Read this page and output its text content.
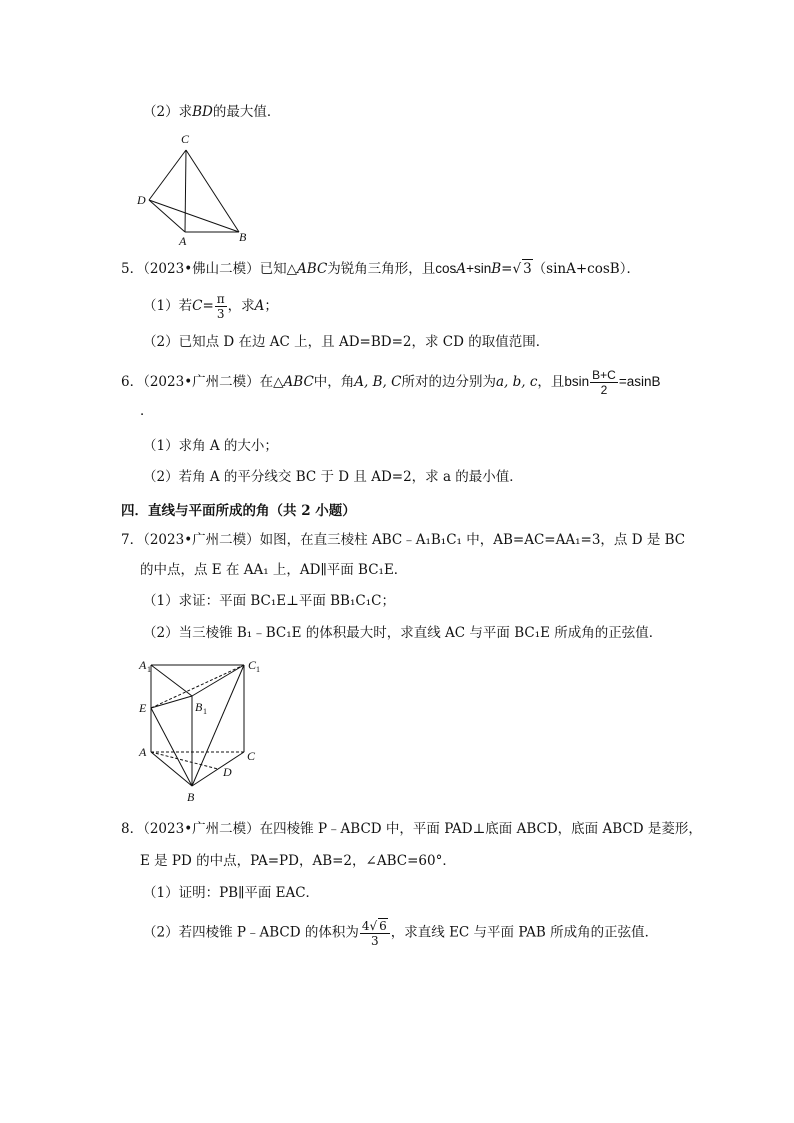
（2）求BD的最大值．
C
D
A	B
5．（2023•佛山二模）已知△ABC为锐角三角形，且cosA+sinB=√ 3（sinA+cosB）．
（1）若$C= \frac{\pi}{3}$ ，求A；
（2）已知点 D 在边 AC 上，且 AD=BD=2，求 CD 的取值范围．
6．（2023•广州二模）在△ABC中，角A, B, C所对的边分别为a, b, c，且bsin $\frac{B+C}{2} =asinB$
．
（1）求角 A 的大小；
（2）若角 A 的平分线交 BC 于 D 且 AD=2，求 a 的最小值．
四．直线与平面所成的角（共 2 小题）
7．（2023•广州二模）如图，在直三棱柱 ABC﹣A₁B₁C₁ 中，AB=AC=AA₁=3，点 D 是 BC
的中点，点 E 在 AA₁ 上，AD∥平面 BC₁E．
（1）求证：平面 BC₁E⊥平面 BB₁C₁C；
（2）当三棱锥 B₁﹣BC₁E 的体积最大时，求直线 AC 与平面 BC₁E 所成角的正弦值．
A 1	C 1
E	B 1
A	C
D
B
8．（2023•广州二模）在四棱锥 P﹣ABCD 中，平面 PAD⊥底面 ABCD，底面 ABCD 是菱形，
E 是 PD 的中点，PA=PD，AB=2，∠ABC=60°．
（1）证明：PB∥平面 EAC．
（2）若四棱锥 P﹣ABCD 的体积为 $\frac{4√ 6}{3}$ ，求直线 EC 与平面 PAB 所成角的正弦值．
